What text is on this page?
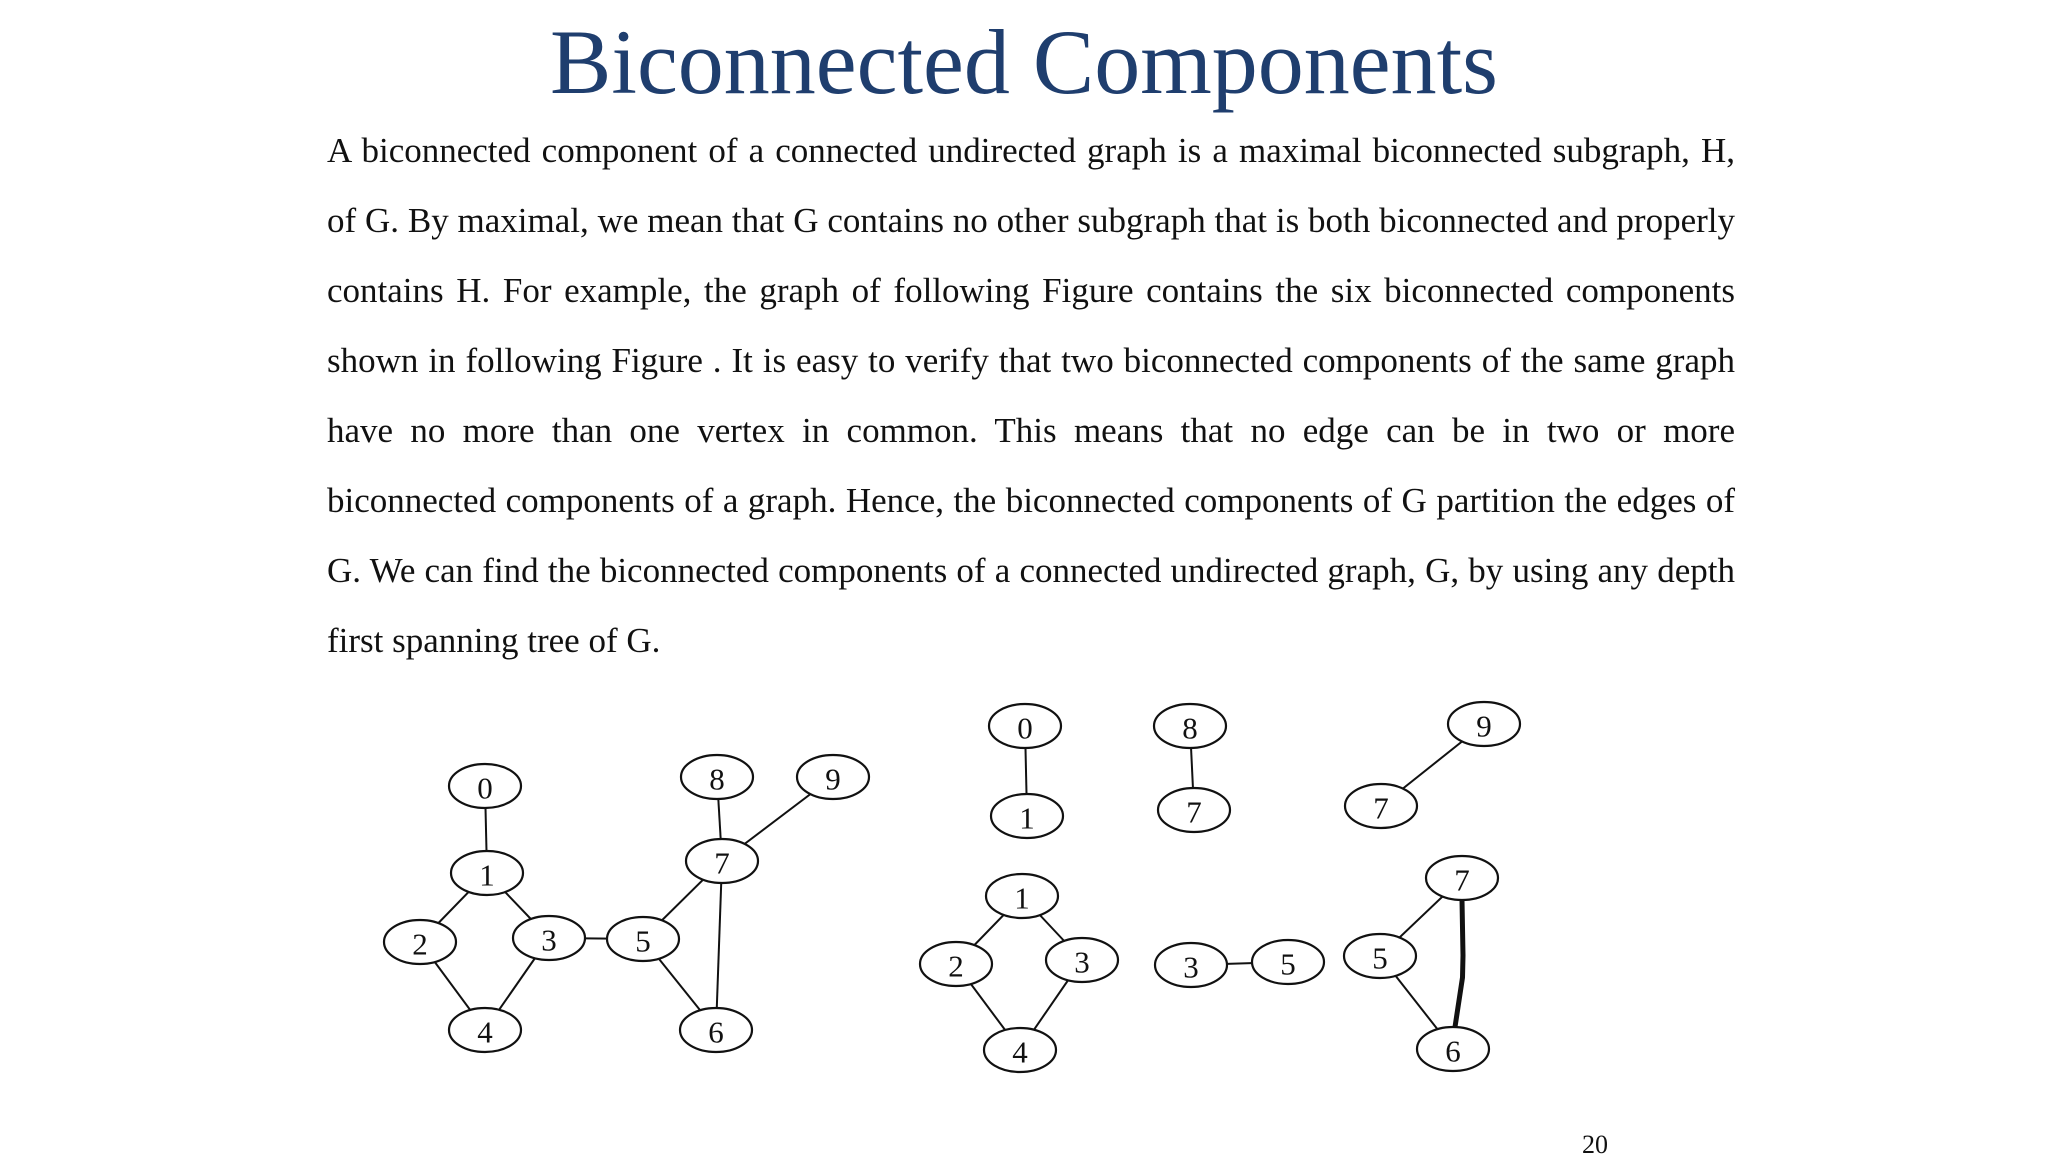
Biconnected Components

A biconnected component of a connected undirected graph is a maximal biconnected subgraph, H, of G. By maximal, we mean that G contains no other subgraph that is both biconnected and properly contains H. For example, the graph of following Figure contains the six biconnected components shown in following Figure . It is easy to verify that two biconnected components of the same graph have no more than one vertex in common. This means that no edge can be in two or more biconnected components of a graph. Hence, the biconnected components of G partition the edges of G. We can find the biconnected components of a connected undirected graph, G, by using any depth first spanning tree of G.

0
1
2	3
4
5
6
7
8	9
0
1
8
7	7
9
1
2	3
4
3	5
7
5
6
20
